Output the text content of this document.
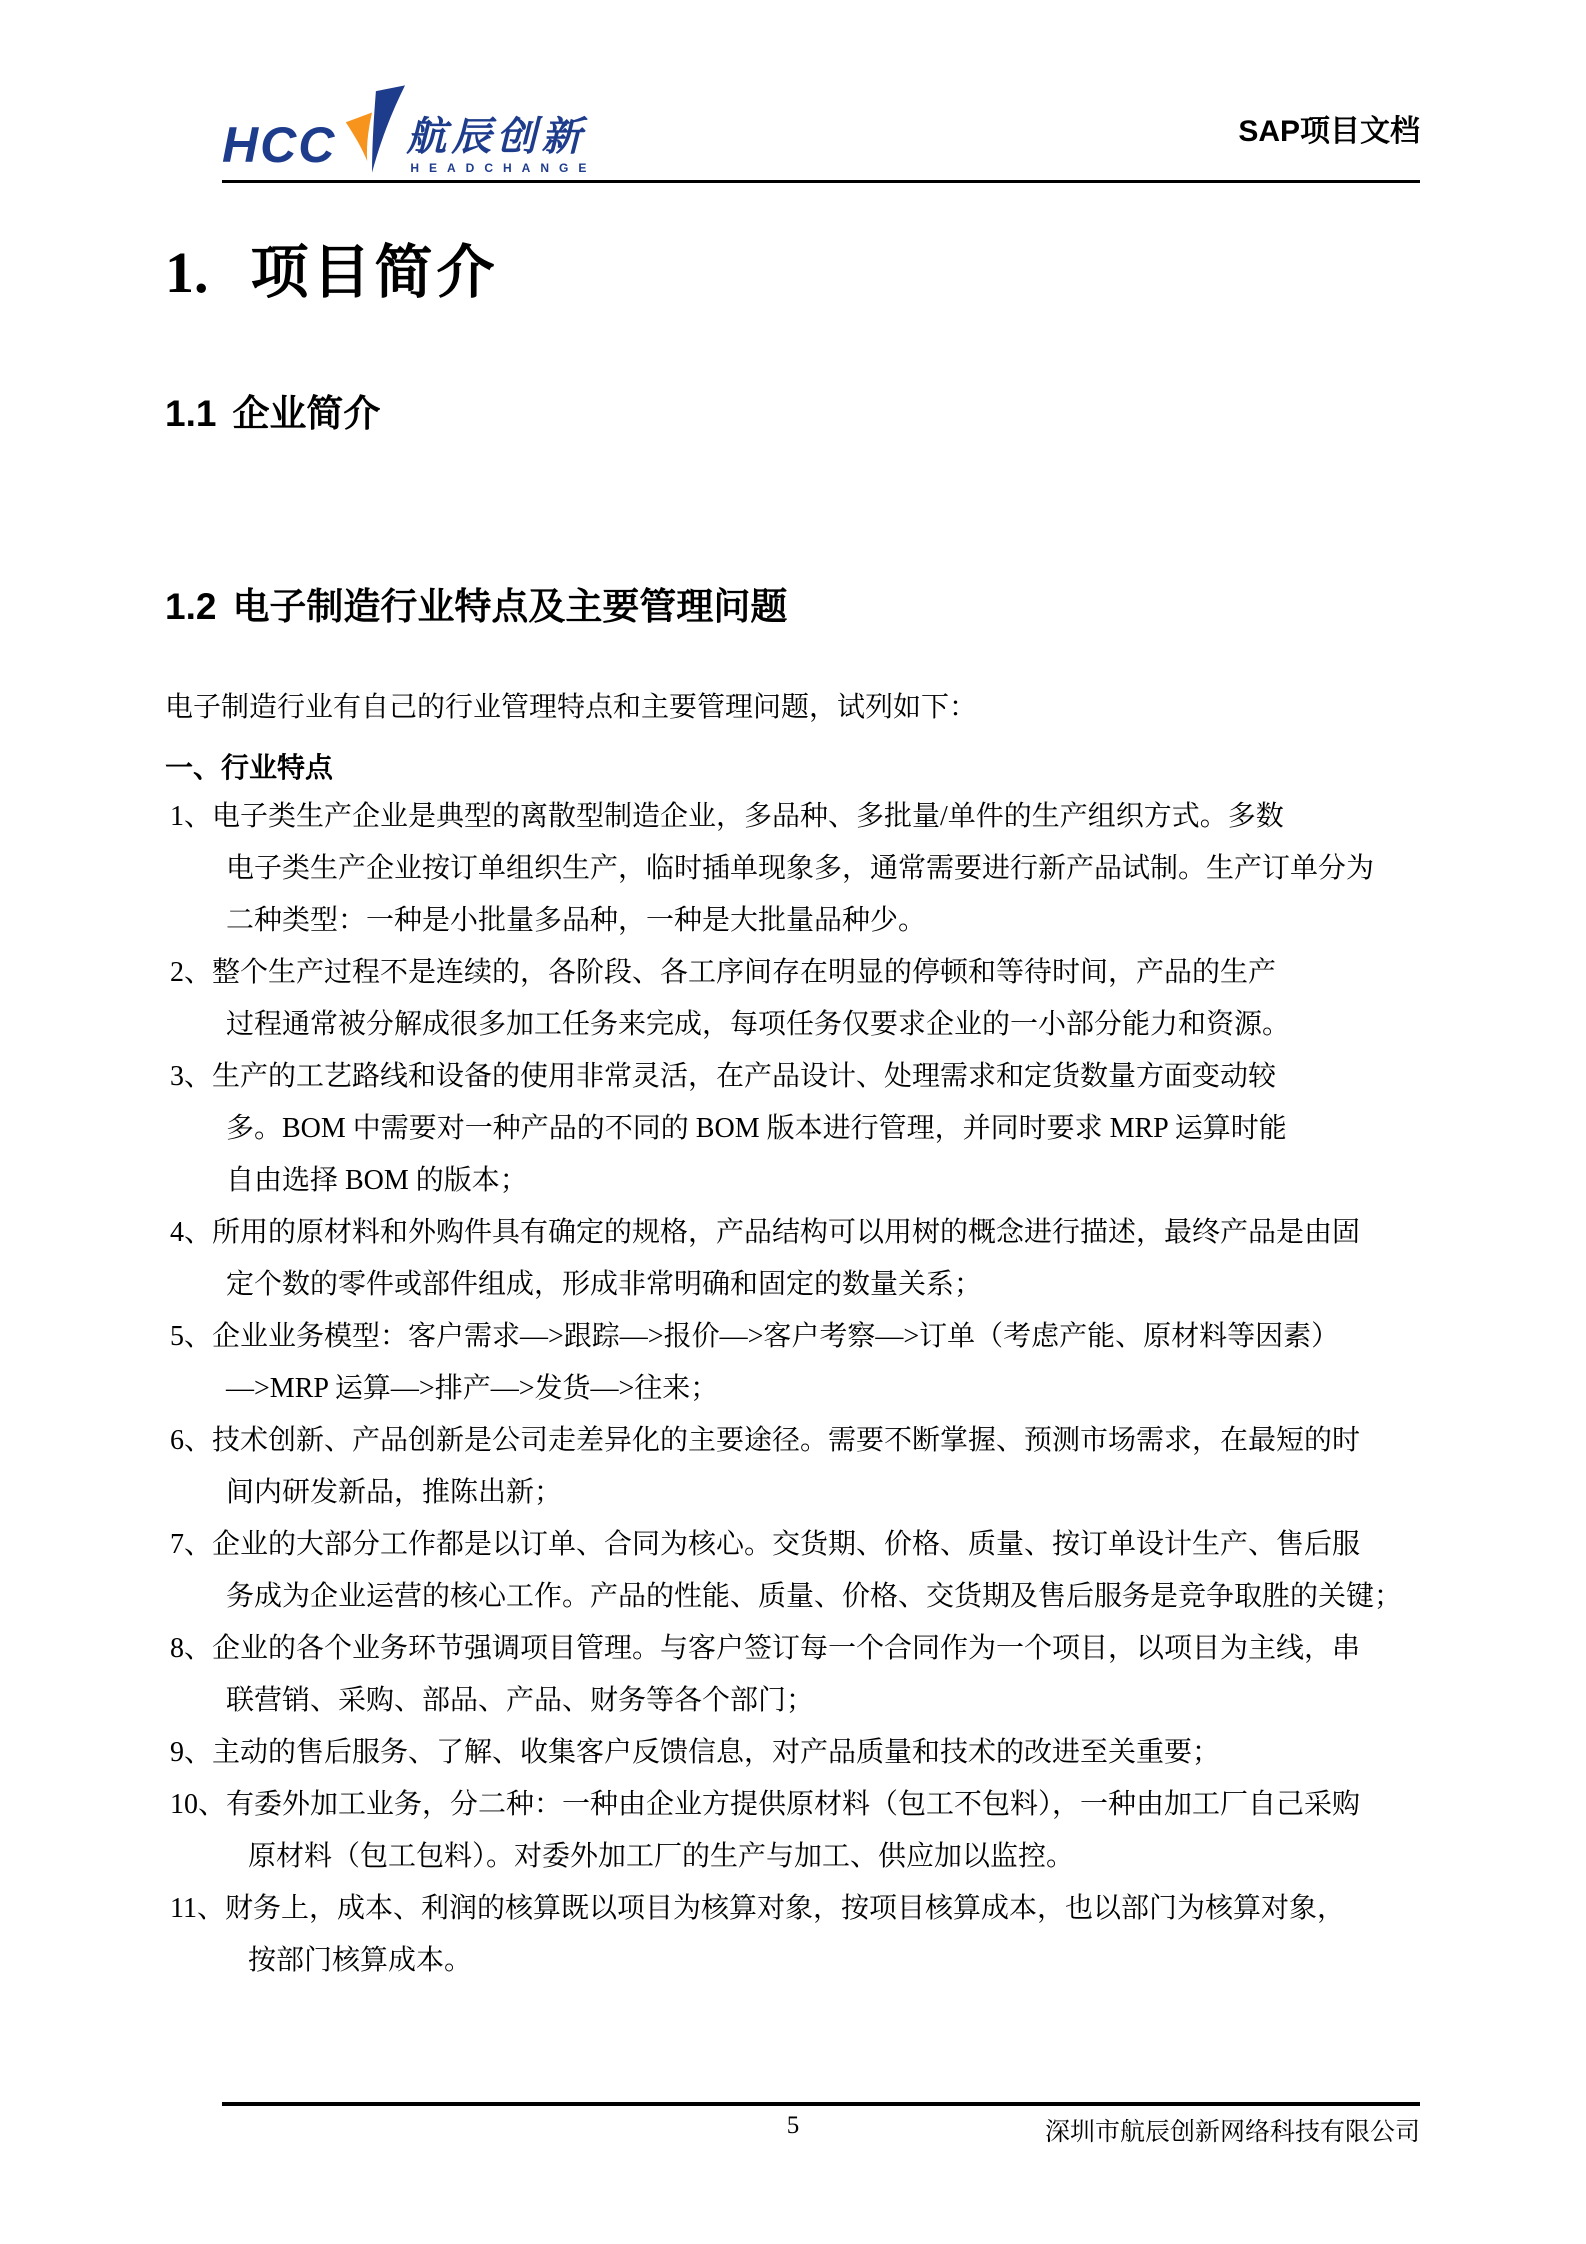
HCC 航辰创新
HEADCHANGE
SAP项目文档
1. 项目简介
1.1 企业简介
1.2 电子制造行业特点及主要管理问题
电子制造行业有自己的行业管理特点和主要管理问题，试列如下：
一、行业特点
1、电子类生产企业是典型的离散型制造企业，多品种、多批量/单件的生产组织方式。多数
电子类生产企业按订单组织生产，临时插单现象多，通常需要进行新产品试制。生产订单分为
二种类型：一种是小批量多品种，一种是大批量品种少。
2、整个生产过程不是连续的，各阶段、各工序间存在明显的停顿和等待时间，产品的生产
过程通常被分解成很多加工任务来完成，每项任务仅要求企业的一小部分能力和资源。
3、生产的工艺路线和设备的使用非常灵活，在产品设计、处理需求和定货数量方面变动较
多。BOM 中需要对一种产品的不同的 BOM 版本进行管理，并同时要求 MRP 运算时能
自由选择 BOM 的版本；
4、所用的原材料和外购件具有确定的规格，产品结构可以用树的概念进行描述，最终产品是由固
定个数的零件或部件组成，形成非常明确和固定的数量关系；
5、企业业务模型：客户需求—>跟踪—>报价—>客户考察—>订单（考虑产能、原材料等因素）
—>MRP 运算—>排产—>发货—>往来；
6、技术创新、产品创新是公司走差异化的主要途径。需要不断掌握、预测市场需求，在最短的时
间内研发新品，推陈出新；
7、企业的大部分工作都是以订单、合同为核心。交货期、价格、质量、按订单设计生产、售后服
务成为企业运营的核心工作。产品的性能、质量、价格、交货期及售后服务是竞争取胜的关键；
8、企业的各个业务环节强调项目管理。与客户签订每一个合同作为一个项目，以项目为主线，串
联营销、采购、部品、产品、财务等各个部门；
9、主动的售后服务、了解、收集客户反馈信息，对产品质量和技术的改进至关重要；
10、有委外加工业务，分二种：一种由企业方提供原材料（包工不包料），一种由加工厂自己采购
原材料（包工包料）。对委外加工厂的生产与加工、供应加以监控。
11、财务上，成本、利润的核算既以项目为核算对象，按项目核算成本，也以部门为核算对象，
按部门核算成本。
5	深圳市航辰创新网络科技有限公司
